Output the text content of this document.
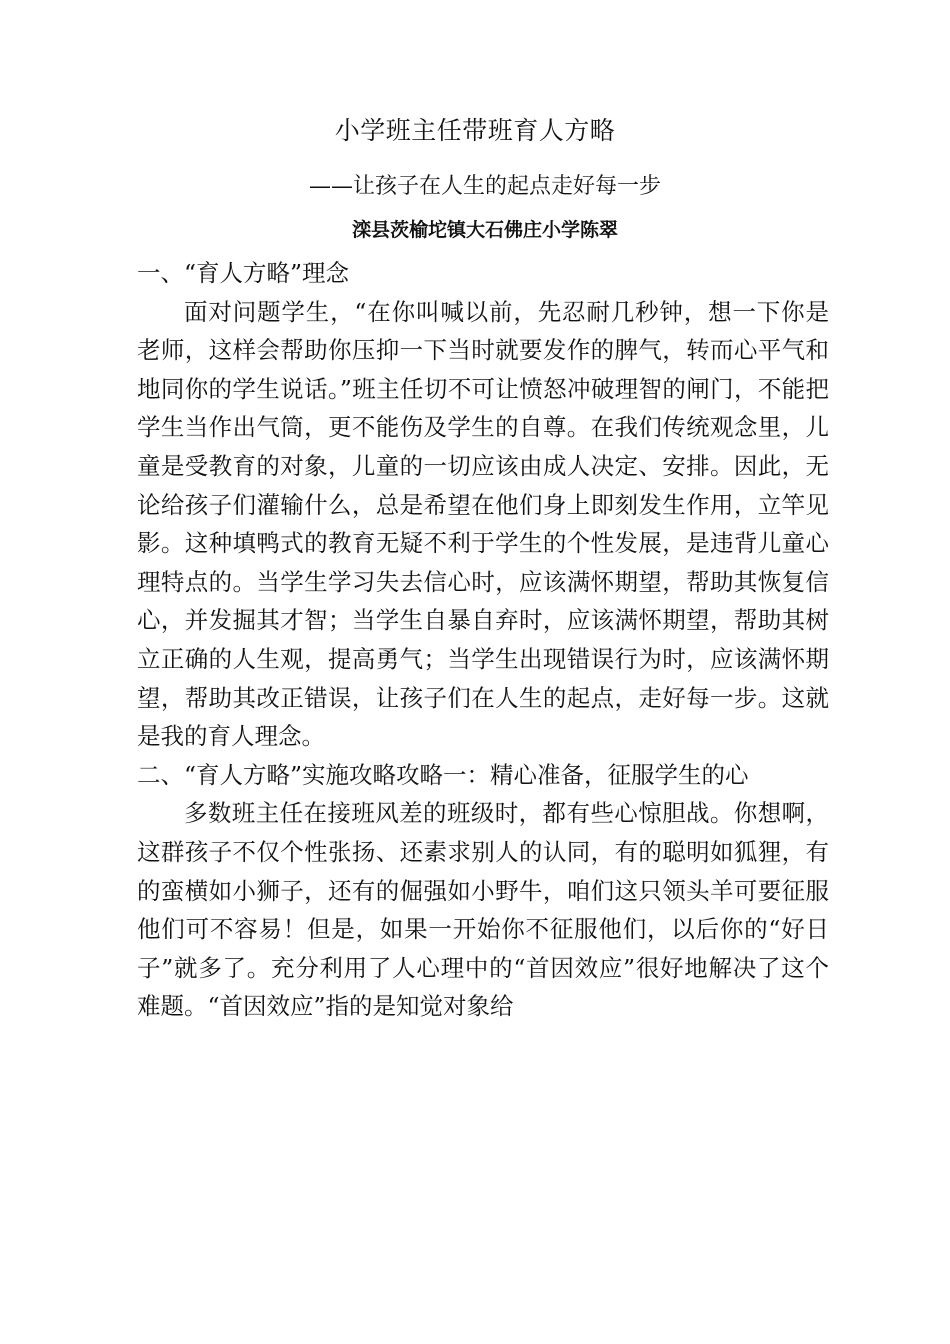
小学班主任带班育人方略
——让孩子在人生的起点走好每一步
滦县茨榆坨镇大石佛庄小学陈翠

一、“育人方略”理念

面对问题学生，“在你叫喊以前，先忍耐几秒钟，想一下你是老师，这样会帮助你压抑一下当时就要发作的脾气，转而心平气和地同你的学生说话。”班主任切不可让愤怒冲破理智的闸门，不能把学生当作出气筒，更不能伤及学生的自尊。在我们传统观念里，儿童是受教育的对象，儿童的一切应该由成人决定、安排。因此，无论给孩子们灌输什么，总是希望在他们身上即刻发生作用，立竿见影。这种填鸭式的教育无疑不利于学生的个性发展，是违背儿童心理特点的。当学生学习失去信心时，应该满怀期望，帮助其恢复信心，并发掘其才智；当学生自暴自弃时，应该满怀期望，帮助其树立正确的人生观，提高勇气；当学生出现错误行为时，应该满怀期望，帮助其改正错误，让孩子们在人生的起点，走好每一步。这就是我的育人理念。

二、“育人方略”实施攻略攻略一：精心准备，征服学生的心

多数班主任在接班风差的班级时，都有些心惊胆战。你想啊，这群孩子不仅个性张扬、还素求别人的认同，有的聪明如狐狸，有的蛮横如小狮子，还有的倔强如小野牛，咱们这只领头羊可要征服他们可不容易！但是，如果一开始你不征服他们，以后你的“好日子”就多了。充分利用了人心理中的“首因效应”很好地解决了这个难题。“首因效应”指的是知觉对象给
